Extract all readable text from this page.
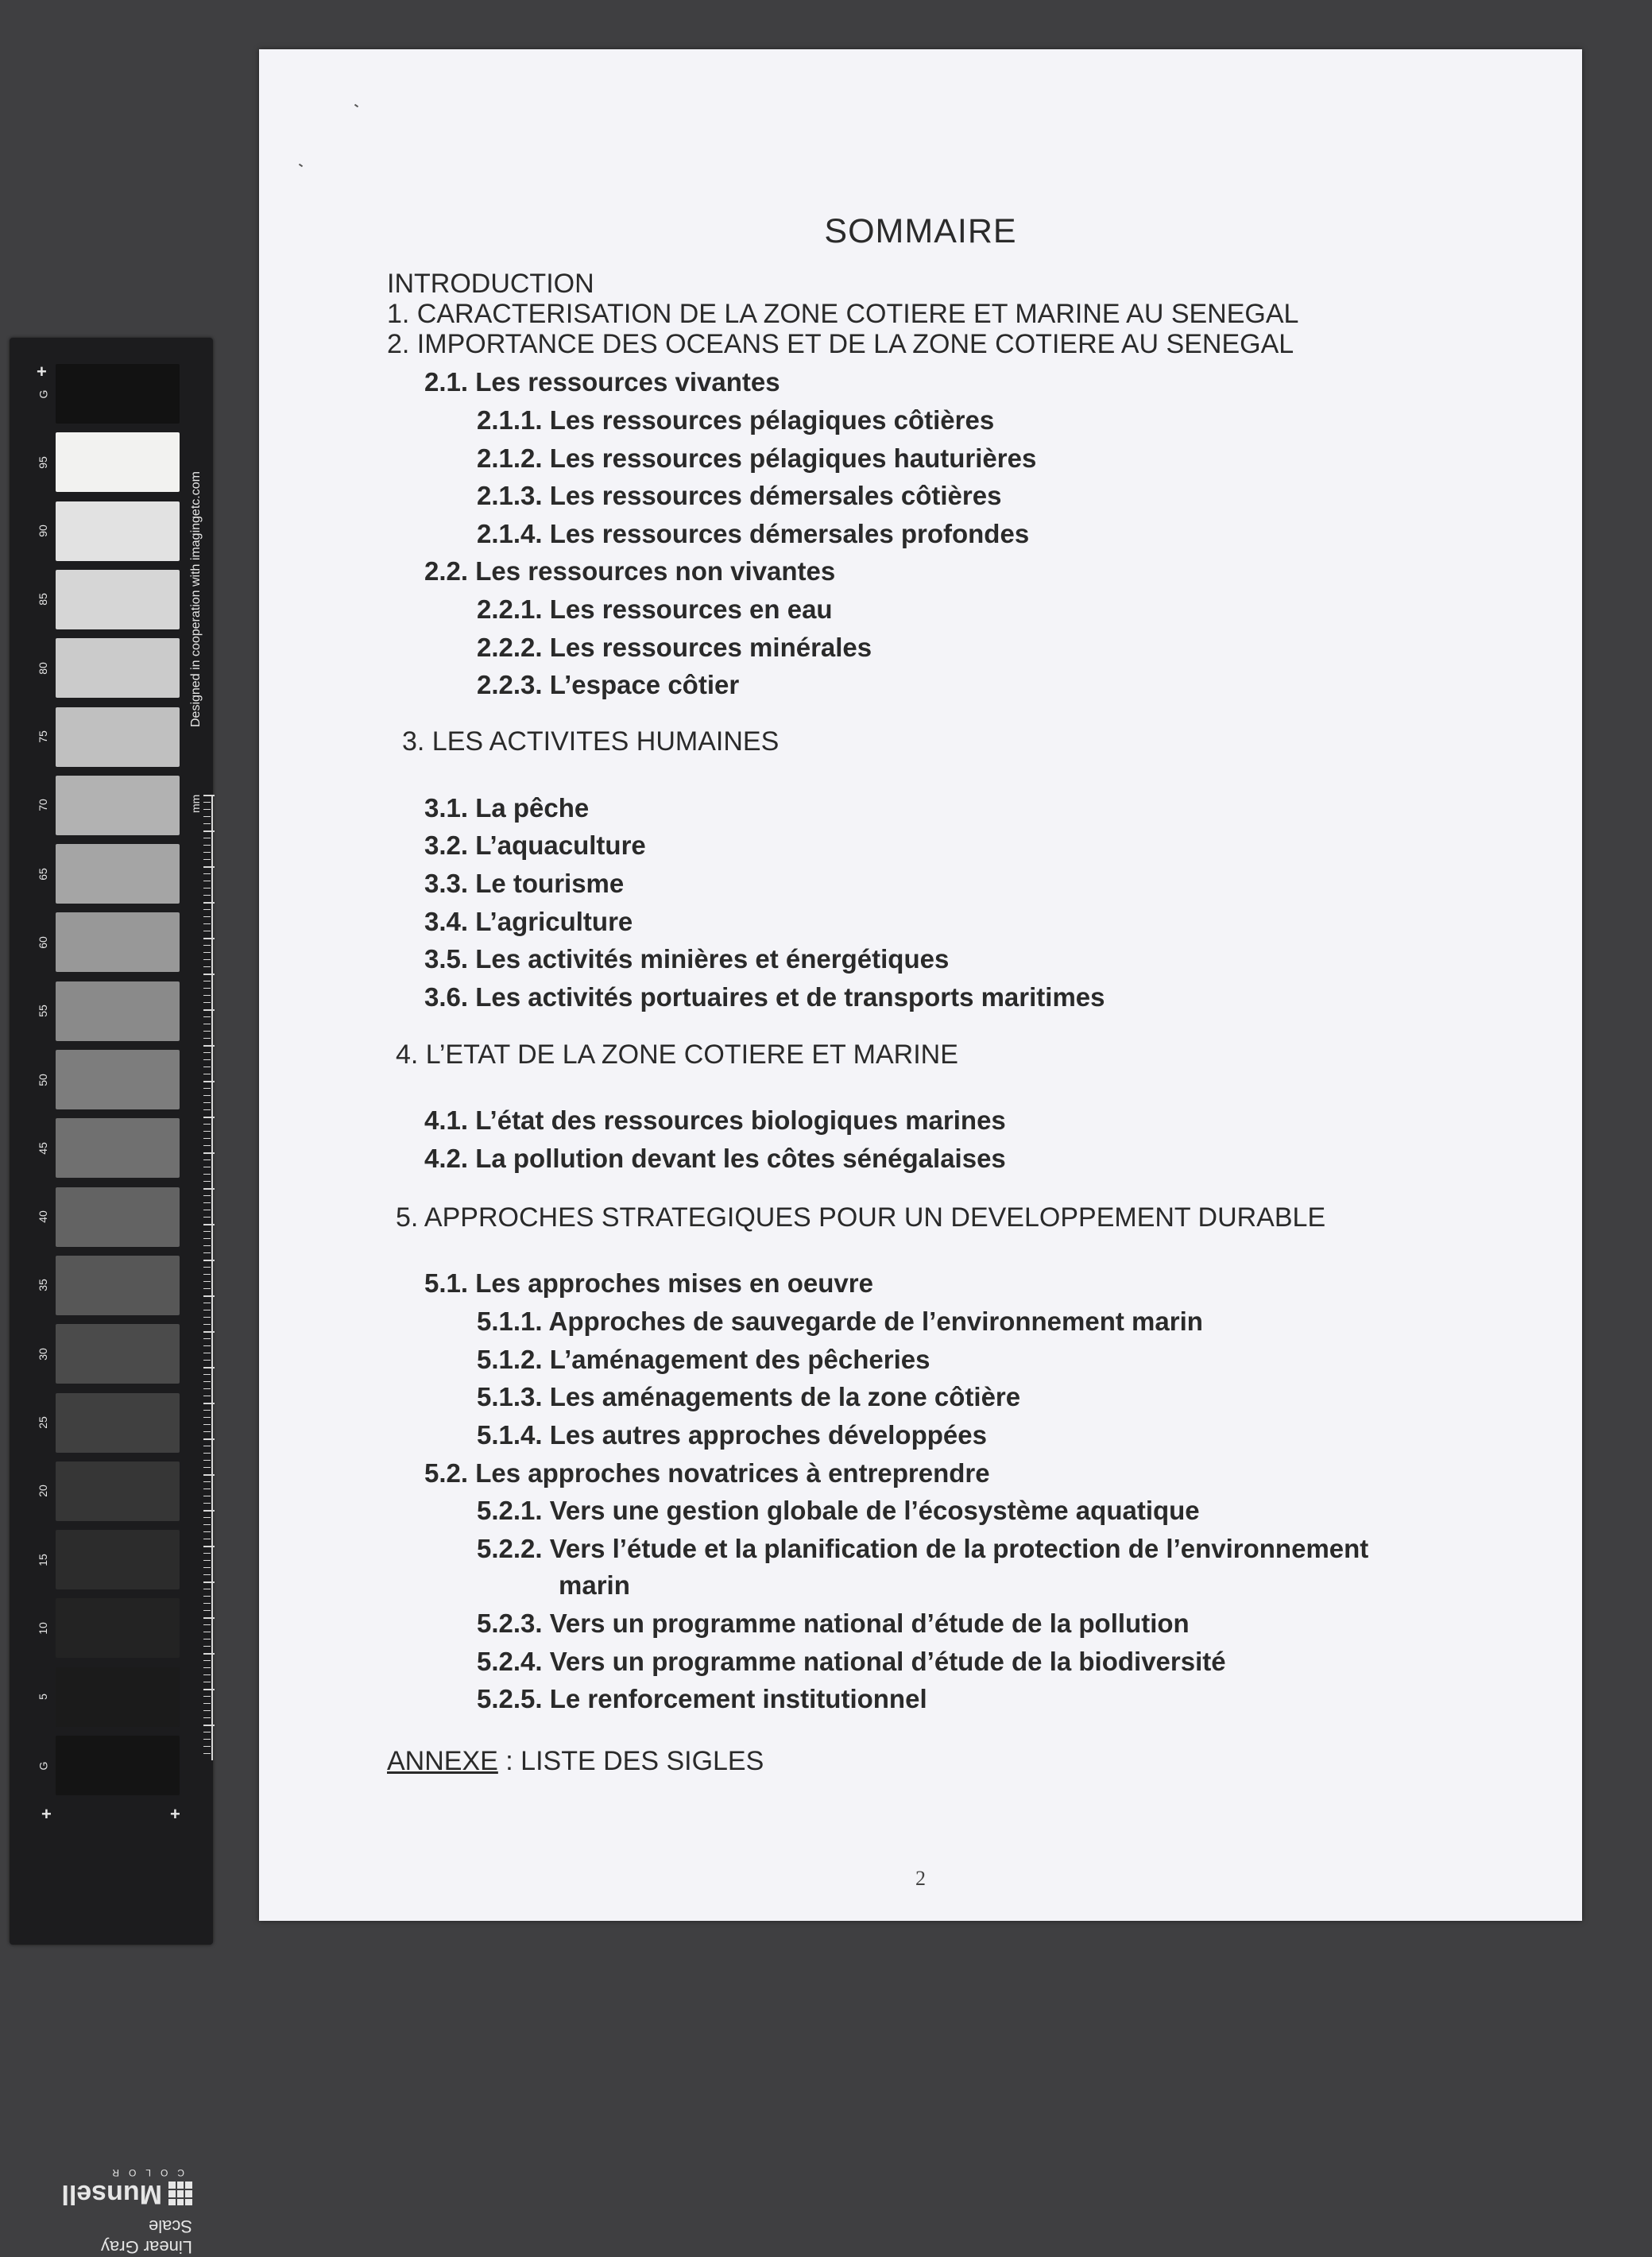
+
G
95
90
85
80
75
70
65
60
55
50
45
40
35
30
25
20
15
10
5
G
+	+
Designed in cooperation with imagingetc.com
mm
Linear Gray Scale
Munsell
COLOR
SOMMAIRE
INTRODUCTION
1. CARACTERISATION DE LA ZONE COTIERE ET MARINE AU SENEGAL
2. IMPORTANCE DES OCEANS ET DE LA ZONE COTIERE AU SENEGAL
2.1. Les ressources vivantes
2.1.1. Les ressources pélagiques côtières
2.1.2. Les ressources pélagiques hauturières
2.1.3. Les ressources démersales côtières
2.1.4. Les ressources démersales profondes
2.2. Les ressources non vivantes
2.2.1. Les ressources en eau
2.2.2. Les ressources minérales
2.2.3. L’espace côtier
3. LES ACTIVITES HUMAINES
3.1. La pêche
3.2. L’aquaculture
3.3. Le tourisme
3.4. L’agriculture
3.5. Les activités minières et énergétiques
3.6. Les activités portuaires et de transports maritimes
4. L’ETAT DE LA ZONE COTIERE ET MARINE
4.1. L’état des ressources biologiques marines
4.2. La pollution devant les côtes sénégalaises
5. APPROCHES STRATEGIQUES POUR UN DEVELOPPEMENT DURABLE
5.1. Les approches mises en oeuvre
5.1.1. Approches de sauvegarde de l’environnement marin
5.1.2. L’aménagement des pêcheries
5.1.3. Les aménagements de la zone côtière
5.1.4. Les autres approches développées
5.2. Les approches novatrices à entreprendre
5.2.1. Vers une gestion globale de l’écosystème aquatique
5.2.2. Vers l’étude et la planification de la protection de l’environnement
marin
5.2.3. Vers un programme national d’étude de la pollution
5.2.4. Vers un programme national d’étude de la biodiversité
5.2.5. Le renforcement institutionnel
ANNEXE : LISTE DES SIGLES
2
